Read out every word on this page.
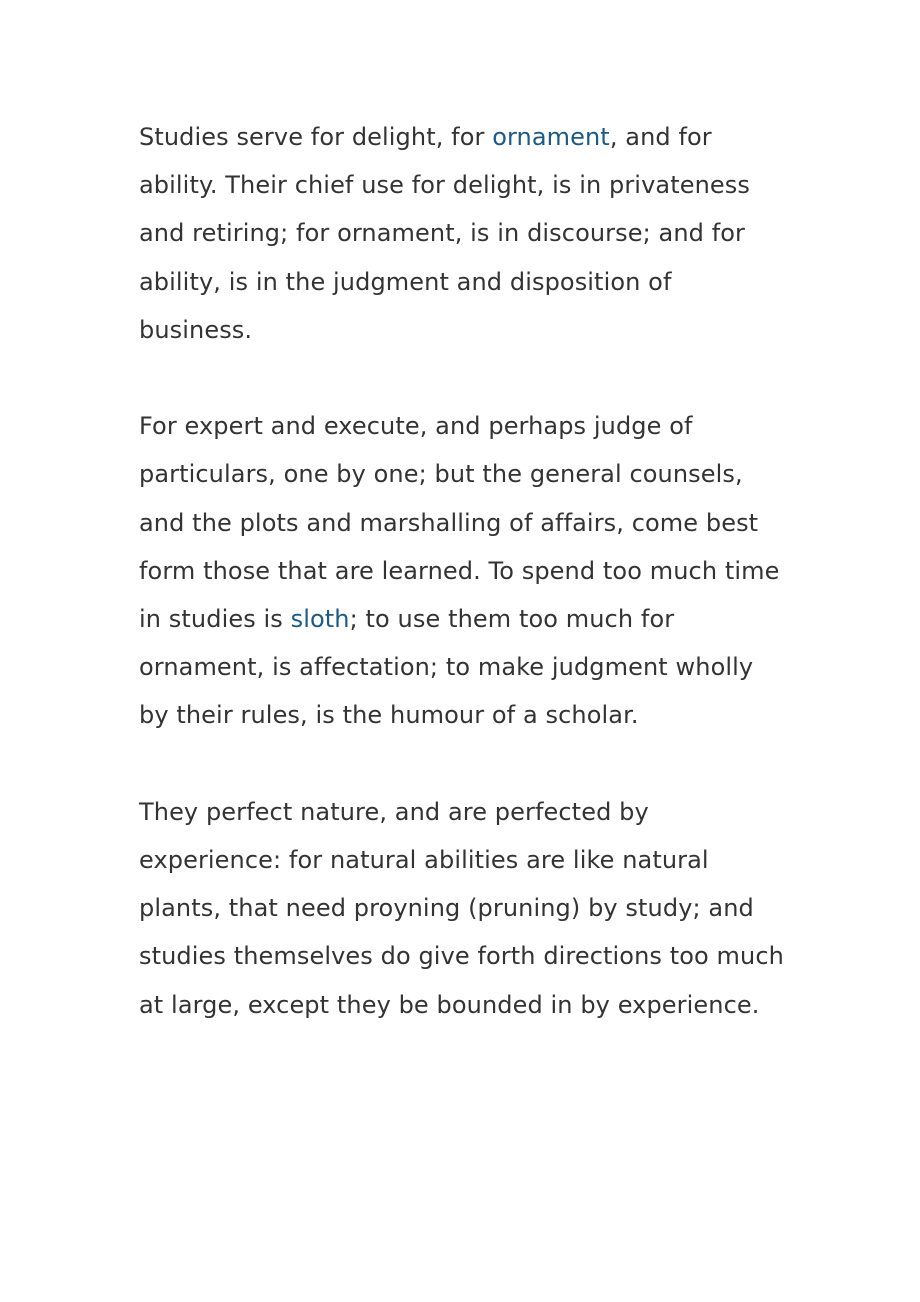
Studies serve for delight, for ornament, and for ability. Their chief use for delight, is in privateness and retiring; for ornament, is in discourse; and for ability, is in the judgment and disposition of business.

For expert and execute, and perhaps judge of particulars, one by one; but the general counsels, and the plots and marshalling of affairs, come best form those that are learned. To spend too much time in studies is sloth; to use them too much for ornament, is affectation; to make judgment wholly by their rules, is the humour of a scholar.

They perfect nature, and are perfected by experience: for natural abilities are like natural plants, that need proyning (pruning) by study; and studies themselves do give forth directions too much at large, except they be bounded in by experience.
